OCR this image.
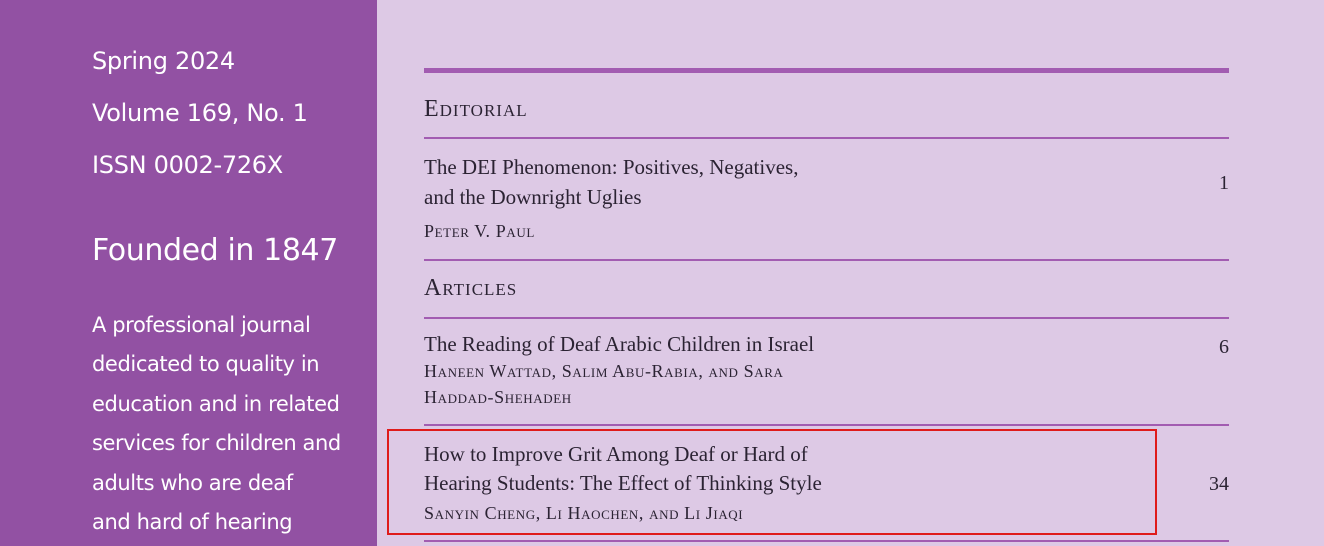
Spring 2024
Volume 169, No. 1
ISSN 0002-726X
Founded in 1847
A professional journal
dedicated to quality in
education and in related
services for children and
adults who are deaf
and hard of hearing
Editorial
The DEI Phenomenon: Positives, Negatives,
and the Downright Uglies
Peter V. Paul
1
Articles
The Reading of Deaf Arabic Children in Israel
Haneen Wattad, Salim Abu-Rabia, and Sara
Haddad-Shehadeh
6
How to Improve Grit Among Deaf or Hard of
Hearing Students: The Effect of Thinking Style
Sanyin Cheng, Li Haochen, and Li Jiaqi
34
